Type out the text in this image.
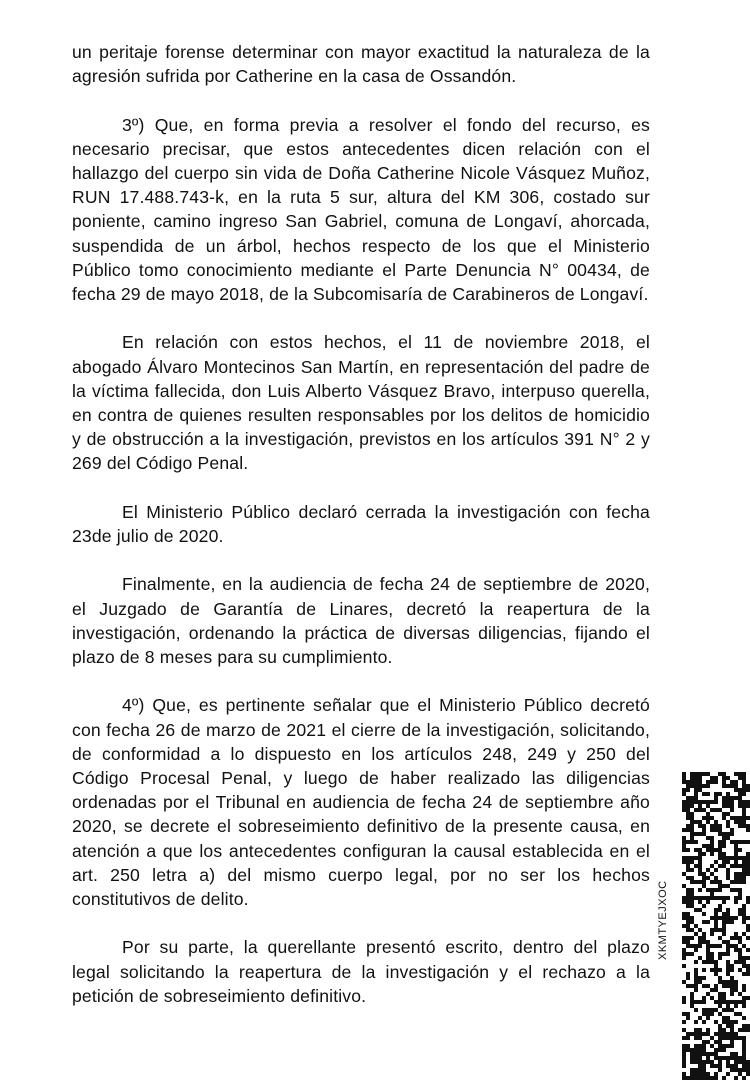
un peritaje forense determinar con mayor exactitud la naturaleza de la agresión sufrida por Catherine en la casa de Ossandón.

3º) Que, en forma previa a resolver el fondo del recurso, es necesario precisar, que estos antecedentes dicen relación con el hallazgo del cuerpo sin vida de Doña Catherine Nicole Vásquez Muñoz, RUN 17.488.743-k, en la ruta 5 sur, altura del KM 306, costado sur poniente, camino ingreso San Gabriel, comuna de Longaví, ahorcada, suspendida de un árbol, hechos respecto de los que el Ministerio Público tomo conocimiento mediante el Parte Denuncia N° 00434, de fecha 29 de mayo 2018, de la Subcomisaría de Carabineros de Longaví.

En relación con estos hechos, el 11 de noviembre 2018, el abogado Álvaro Montecinos San Martín, en representación del padre de la víctima fallecida, don Luis Alberto Vásquez Bravo, interpuso querella, en contra de quienes resulten responsables por los delitos de homicidio y de obstrucción a la investigación, previstos en los artículos 391 N° 2 y 269 del Código Penal.

El Ministerio Público declaró cerrada la investigación con fecha 23de julio de 2020.

Finalmente, en la audiencia de fecha 24 de septiembre de 2020, el Juzgado de Garantía de Linares, decretó la reapertura de la investigación, ordenando la práctica de diversas diligencias, fijando el plazo de 8 meses para su cumplimiento.

4º) Que, es pertinente señalar que el Ministerio Público decretó con fecha 26 de marzo de 2021 el cierre de la investigación, solicitando, de conformidad a lo dispuesto en los artículos 248, 249 y 250 del Código Procesal Penal, y luego de haber realizado las diligencias ordenadas por el Tribunal en audiencia de fecha 24 de septiembre año 2020, se decrete el sobreseimiento definitivo de la presente causa, en atención a que los antecedentes configuran la causal establecida en el art. 250 letra a) del mismo cuerpo legal, por no ser los hechos constitutivos de delito.

Por su parte, la querellante presentó escrito, dentro del plazo legal solicitando la reapertura de la investigación y el rechazo a la petición de sobreseimiento definitivo.

XKMTYEJXOC
